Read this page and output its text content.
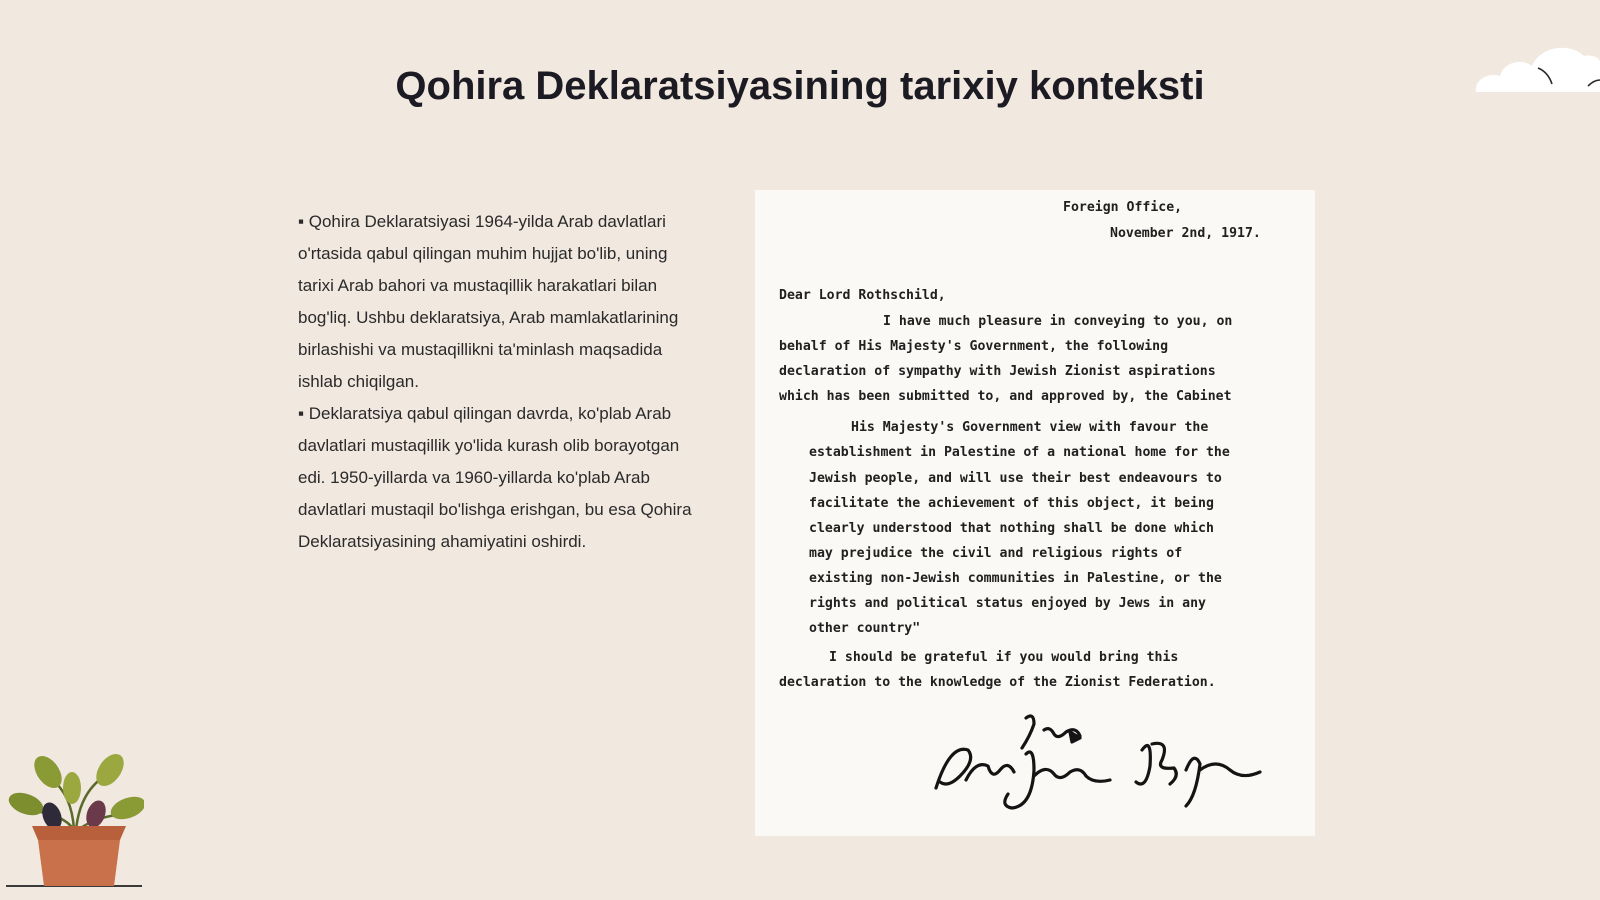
Qohira Deklaratsiyasining tarixiy konteksti

▪ Qohira Deklaratsiyasi 1964-yilda Arab davlatlari o'rtasida qabul qilingan muhim hujjat bo'lib, uning tarixi Arab bahori va mustaqillik harakatlari bilan bog'liq. Ushbu deklaratsiya, Arab mamlakatlarining birlashishi va mustaqillikni ta'minlash maqsadida ishlab chiqilgan.

▪ Deklaratsiya qabul qilingan davrda, ko'plab Arab davlatlari mustaqillik yo'lida kurash olib borayotgan edi. 1950-yillarda va 1960-yillarda ko'plab Arab davlatlari mustaqil bo'lishga erishgan, bu esa Qohira Deklaratsiyasining ahamiyatini oshirdi.

Foreign Office,
November 2nd, 1917.
Dear Lord Rothschild,
I have much pleasure in conveying to you, on
behalf of His Majesty's Government, the following
declaration of sympathy with Jewish Zionist aspirations
which has been submitted to, and approved by, the Cabinet
His Majesty's Government view with favour the
establishment in Palestine of a national home for the
Jewish people, and will use their best endeavours to
facilitate the achievement of this object, it being
clearly understood that nothing shall be done which
may prejudice the civil and religious rights of
existing non-Jewish communities in Palestine, or the
rights and political status enjoyed by Jews in any
other country"
I should be grateful if you would bring this
declaration to the knowledge of the Zionist Federation.
